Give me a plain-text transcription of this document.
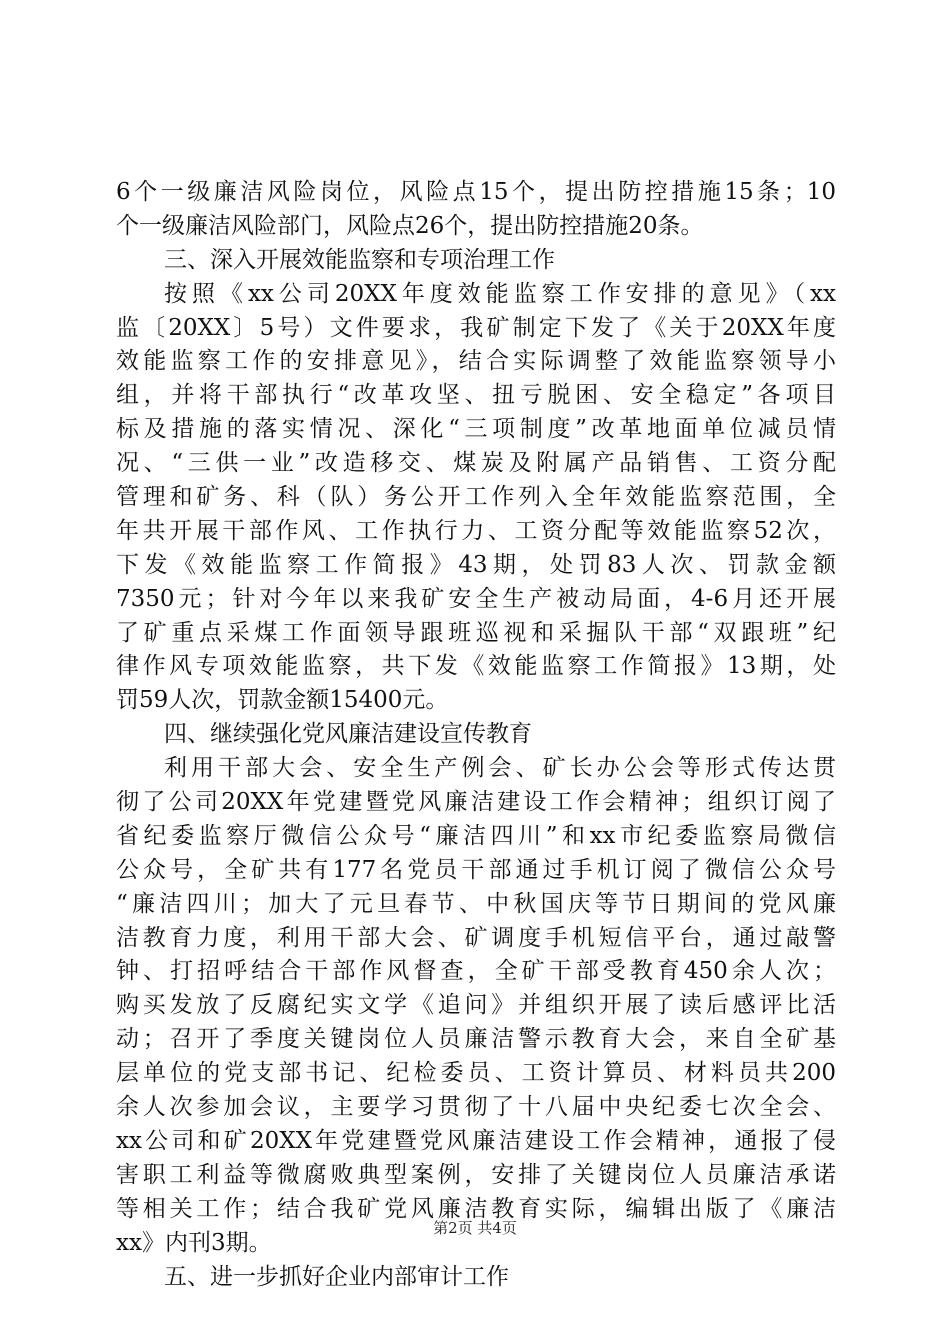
6个一级廉洁风险岗位，风险点15个，提出防控措施15条；10
个一级廉洁风险部门，风险点26个，提出防控措施20条。
三、深入开展效能监察和专项治理工作
按照《xx公司20XX年度效能监察工作安排的意见》（xx
监〔20XX〕5号）文件要求，我矿制定下发了《关于20XX年度
效能监察工作的安排意见》，结合实际调整了效能监察领导小
组，并将干部执行“改革攻坚、扭亏脱困、安全稳定”各项目
标及措施的落实情况、深化“三项制度”改革地面单位减员情
况、“三供一业”改造移交、煤炭及附属产品销售、工资分配
管理和矿务、科（队）务公开工作列入全年效能监察范围，全
年共开展干部作风、工作执行力、工资分配等效能监察52次，
下发《效能监察工作简报》43期，处罚83人次、罚款金额
7350元；针对今年以来我矿安全生产被动局面，4-6月还开展
了矿重点采煤工作面领导跟班巡视和采掘队干部“双跟班”纪
律作风专项效能监察，共下发《效能监察工作简报》13期，处
罚59人次，罚款金额15400元。
四、继续强化党风廉洁建设宣传教育
利用干部大会、安全生产例会、矿长办公会等形式传达贯
彻了公司20XX年党建暨党风廉洁建设工作会精神；组织订阅了
省纪委监察厅微信公众号“廉洁四川”和xx市纪委监察局微信
公众号，全矿共有177名党员干部通过手机订阅了微信公众号
“廉洁四川；加大了元旦春节、中秋国庆等节日期间的党风廉
洁教育力度，利用干部大会、矿调度手机短信平台，通过敲警
钟、打招呼结合干部作风督查，全矿干部受教育450余人次；
购买发放了反腐纪实文学《追问》并组织开展了读后感评比活
动；召开了季度关键岗位人员廉洁警示教育大会，来自全矿基
层单位的党支部书记、纪检委员、工资计算员、材料员共200
余人次参加会议，主要学习贯彻了十八届中央纪委七次全会、
xx公司和矿20XX年党建暨党风廉洁建设工作会精神，通报了侵
害职工利益等微腐败典型案例，安排了关键岗位人员廉洁承诺
等相关工作；结合我矿党风廉洁教育实际，编辑出版了《廉洁
xx》内刊3期。
五、进一步抓好企业内部审计工作
第2页 共4页
